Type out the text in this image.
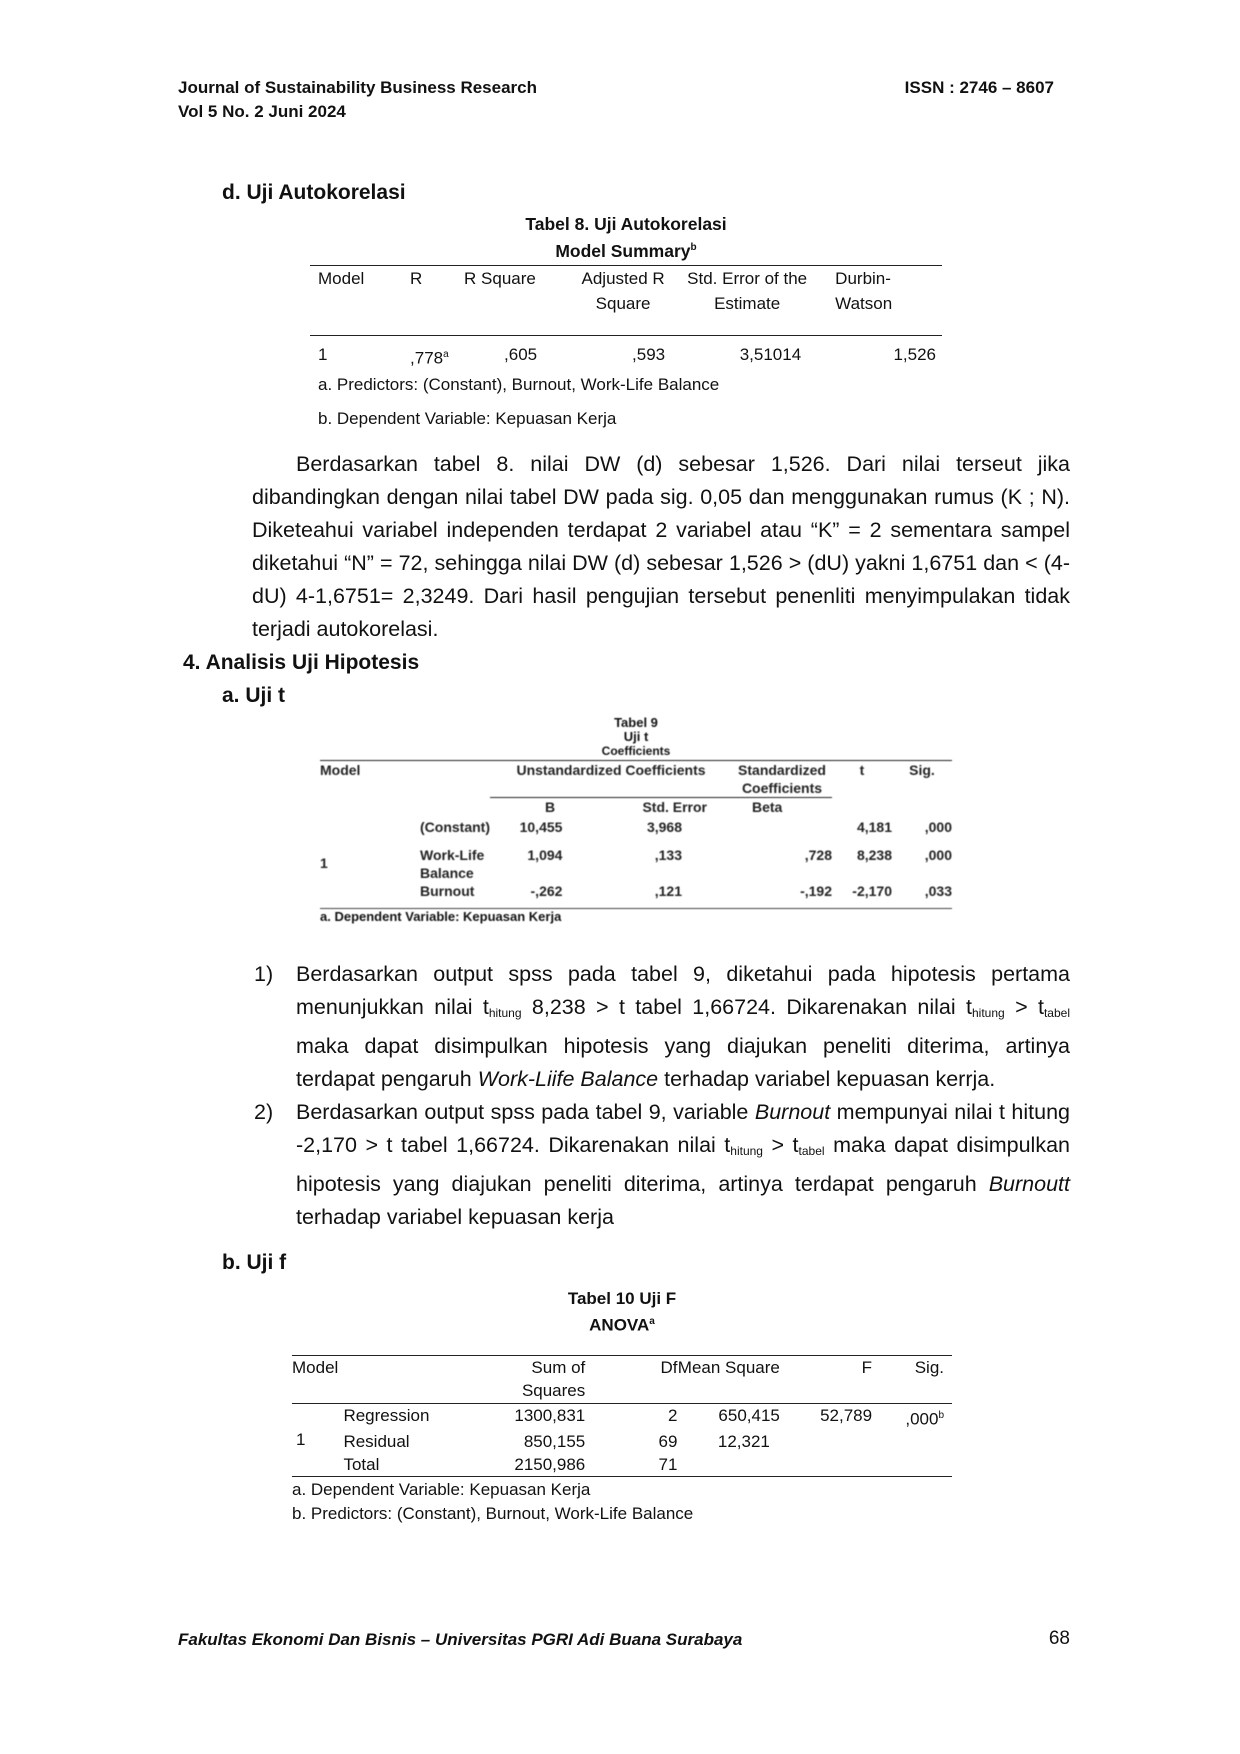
Journal of Sustainability Business Research
Vol 5 No. 2 Juni 2024
ISSN : 2746 – 8607
d. Uji Autokorelasi
Tabel 8. Uji Autokorelasi
Model Summary$^b$
Model	R	R Square	Adjusted R Square	Std. Error of the Estimate	Durbin-Watson
1	,778$^a$	,605	,593	3,51014	1,526
a. Predictors: (Constant), Burnout, Work-Life Balance
b. Dependent Variable: Kepuasan Kerja
Berdasarkan tabel 8. nilai DW (d) sebesar 1,526. Dari nilai terseut jika dibandingkan dengan nilai tabel DW pada sig. 0,05 dan menggunakan rumus (K ; N). Diketeahui variabel independen terdapat 2 variabel atau “K” = 2 sementara sampel diketahui “N” = 72, sehingga nilai DW (d) sebesar 1,526 > (dU) yakni 1,6751 dan < (4-dU) 4-1,6751= 2,3249. Dari hasil pengujian tersebut penenliti menyimpulakan tidak terjadi autokorelasi.
4. Analisis Uji Hipotesis
a. Uji t
Tabel 9
Uji t
Coefficients
Model		Unstandardized Coefficients		Standardized Coefficients	t	Sig.
		B	Std. Error	Beta		
1	(Constant)	10,455	3,968		4,181	,000
	Work-Life Balance	1,094	,133	,728	8,238	,000
	Burnout	-,262	,121	-,192	-2,170	,033
a. Dependent Variable: Kepuasan Kerja
1) Berdasarkan output spss pada tabel 9, diketahui pada hipotesis pertama menunjukkan nilai $t_{hitung}$ 8,238 > t tabel 1,66724. Dikarenakan nilai $t_{hitung} > t_{tabel}$ maka dapat disimpulkan hipotesis yang diajukan peneliti diterima, artinya terdapat pengaruh Work-Liife Balance terhadap variabel kepuasan kerrja.
2) Berdasarkan output spss pada tabel 9, variable Burnout mempunyai nilai t hitung -2,170 > t tabel 1,66724. Dikarenakan nilai $t_{hitung} > t_{tabel}$ maka dapat disimpulkan hipotesis yang diajukan peneliti diterima, artinya terdapat pengaruh Burnoutt terhadap variabel kepuasan kerja
b. Uji f
Tabel 10 Uji F
ANOVA$^a$
Model		Sum of Squares	Df	Mean Square	F	Sig.
1	Regression	1300,831	2	650,415	52,789	,000$^b$
	Residual	850,155	69	12,321		
	Total	2150,986	71			
a. Dependent Variable: Kepuasan Kerja
b. Predictors: (Constant), Burnout, Work-Life Balance
Fakultas Ekonomi Dan Bisnis – Universitas PGRI Adi Buana Surabaya	68
